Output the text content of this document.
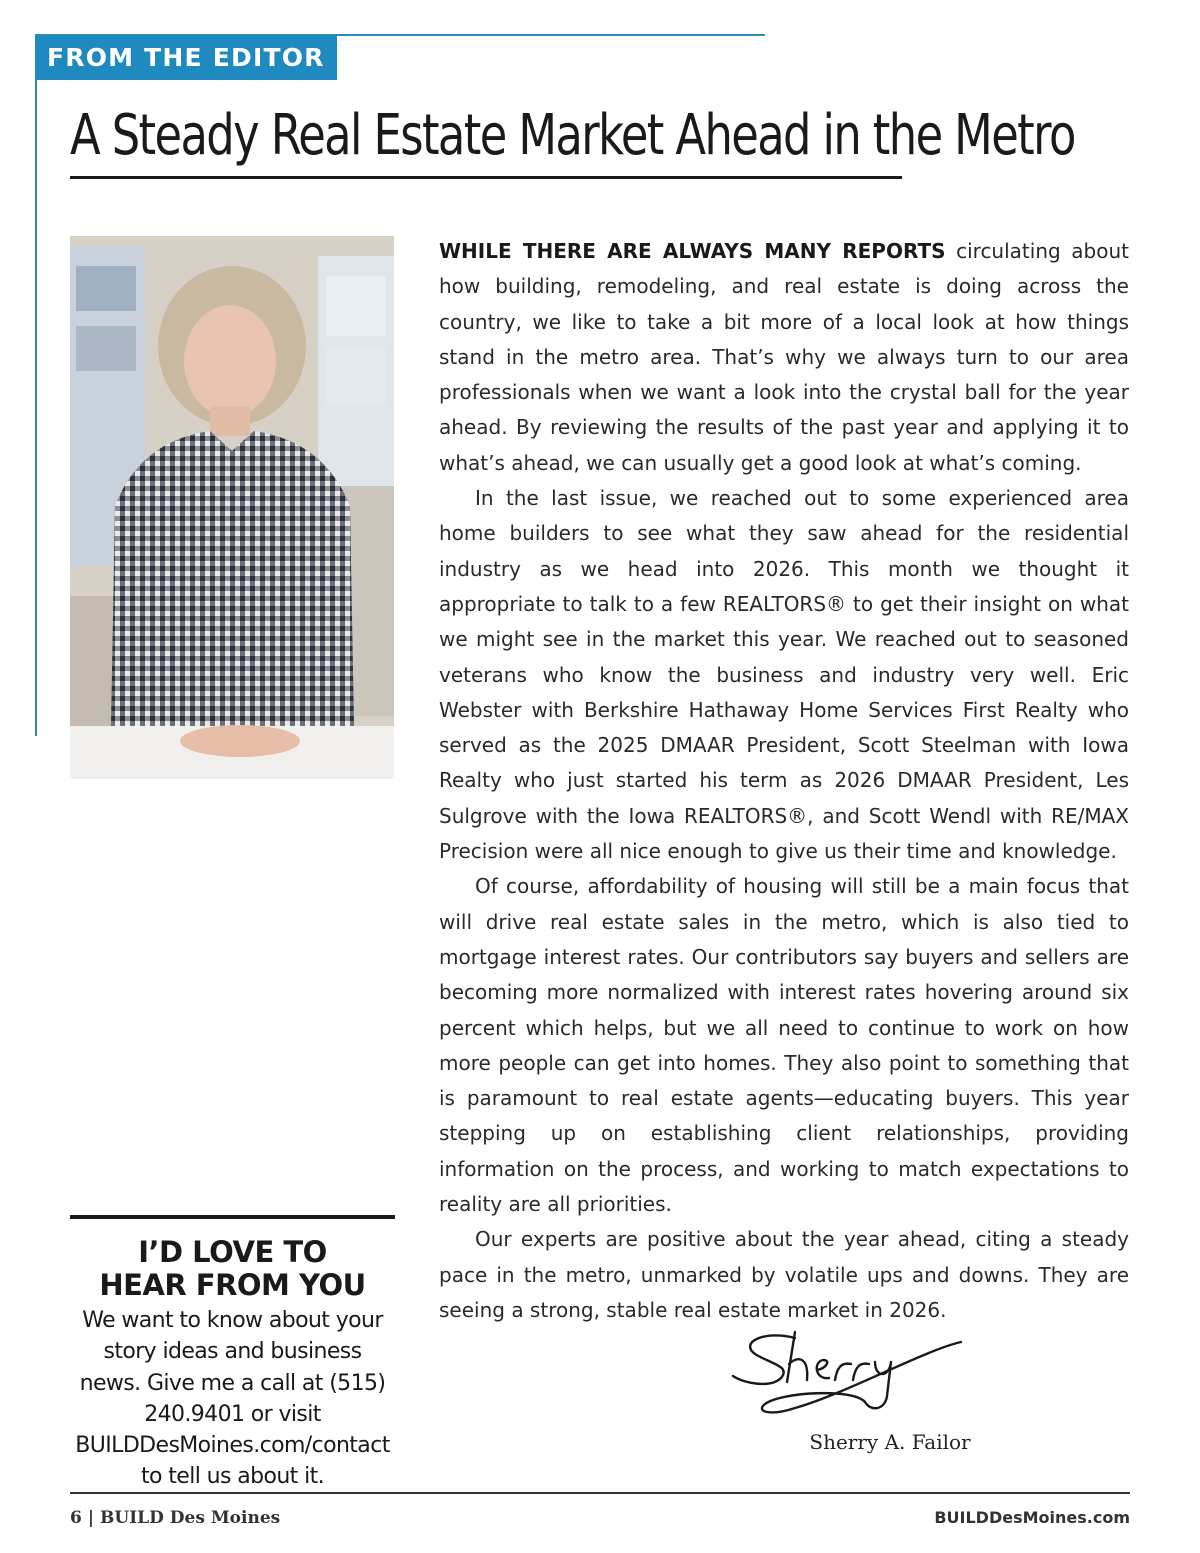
FROM THE EDITOR
A Steady Real Estate Market Ahead in the Metro

WHILE THERE ARE ALWAYS MANY REPORTS circulating about how building, remodeling, and real estate is doing across the country, we like to take a bit more of a local look at how things stand in the metro area. That’s why we always turn to our area professionals when we want a look into the crystal ball for the year ahead. By reviewing the results of the past year and applying it to what’s ahead, we can usually get a good look at what’s coming.

In the last issue, we reached out to some experienced area home builders to see what they saw ahead for the residential industry as we head into 2026. This month we thought it appropriate to talk to a few REALTORS® to get their insight on what we might see in the market this year. We reached out to seasoned veterans who know the business and industry very well. Eric Webster with Berkshire Hathaway Home Services First Realty who served as the 2025 DMAAR President, Scott Steelman with Iowa Realty who just started his term as 2026 DMAAR President, Les Sulgrove with the Iowa REALTORS®, and Scott Wendl with RE/MAX Precision were all nice enough to give us their time and knowledge.

Of course, affordability of housing will still be a main focus that will drive real estate sales in the metro, which is also tied to mortgage interest rates. Our contributors say buyers and sellers are becoming more normalized with interest rates hovering around six percent which helps, but we all need to continue to work on how more people can get into homes. They also point to something that is paramount to real estate agents—educating buyers. This year stepping up on establishing client relationships, providing information on the process, and working to match expectations to reality are all priorities.

Our experts are positive about the year ahead, citing a steady pace in the metro, unmarked by volatile ups and downs. They are seeing a strong, stable real estate market in 2026.

I’D LOVE TO
HEAR FROM YOU
We want to know about your story ideas and business news. Give me a call at (515) 240.9401 or visit BUILDDesMoines.com/contact to tell us about it.
Sherry A. Failor
6 | BUILD Des Moines	BUILDDesMoines.com
